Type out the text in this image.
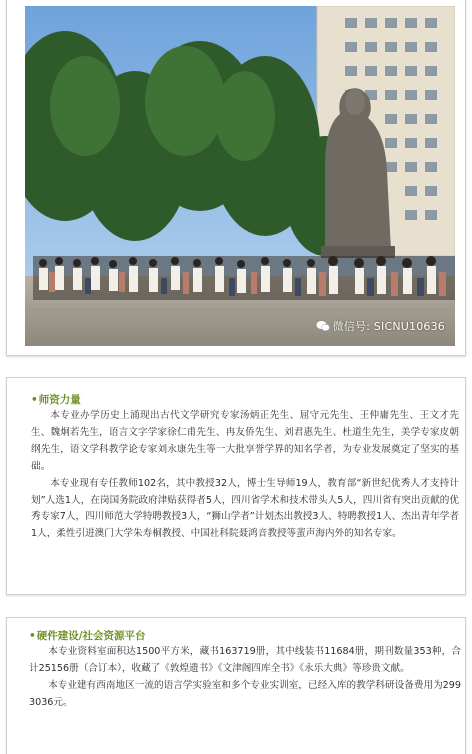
微信号: SICNU10636
• 师资力量

本专业办学历史上涌现出古代文学研究专家汤炳正先生、屈守元先生、王仲庸先生、王文才先生、魏炯若先生，语言文字学家徐仁甫先生、冉友侨先生、刘君惠先生、杜道生先生，美学专家皮朝纲先生，语文学科教学论专家刘永康先生等一大批享誉学界的知名学者，为专业发展奠定了坚实的基础。

本专业现有专任教师102名，其中教授32人，博士生导师19人，教育部“新世纪优秀人才支持计划”人选1人，在岗国务院政府津贴获得者5人，四川省学术和技术带头人5人，四川省有突出贡献的优秀专家7人，四川师范大学特聘教授3人，“狮山学者”计划杰出教授3人、特聘教授1人、杰出青年学者1人，柔性引进澳门大学朱寿桐教授、中国社科院聂鸿音教授等蜚声海内外的知名专家。

• 硬件建设/社会资源平台

本专业资料室面积达1500平方米，藏书163719册，其中线装书11684册，期刊数量353种，合计25156册（合订本），收藏了《敦煌遗书》《文津阁四库全书》《永乐大典》等珍贵文献。

本专业建有西南地区一流的语言学实验室和多个专业实训室，已经入库的教学科研设备费用为2993036元。
